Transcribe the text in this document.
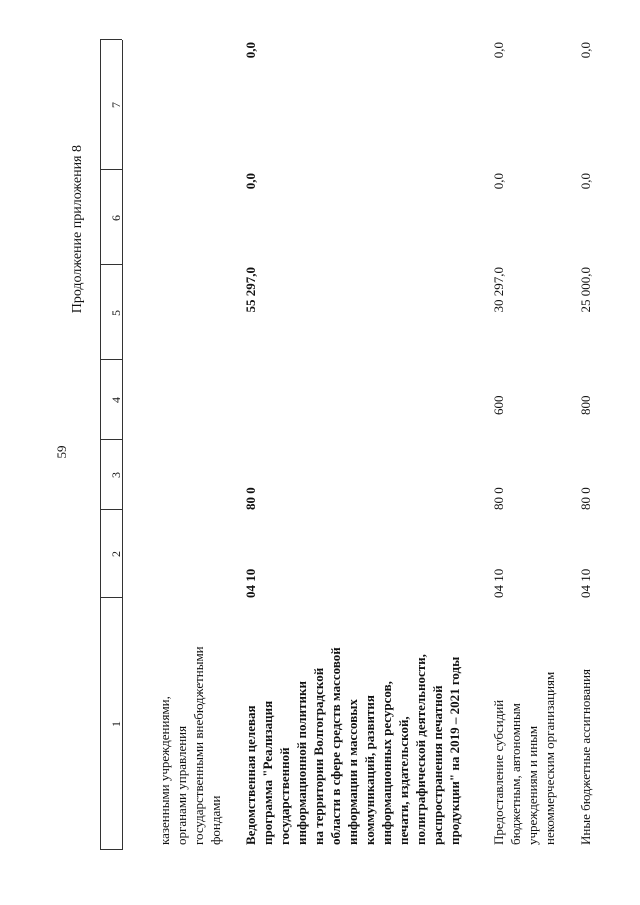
59
Продолжение приложения 8
1
2
3
4
5
6
7
казенными учреждениями, органами управления государственными внебюджетными фондами Ведомственная целевая программа "Реализация государственной информационной политики на территории Волгоградской области в сфере средств массовой информации и массовых коммуникаций, развития информационных ресурсов, печати, издательской, полиграфической деятельности, распространения печатной продукции" на 2019 – 2021 годы
04 10
80 0
55 297,0
0,0
0,0
Предоставление субсидий бюджетным, автономным учреждениям и иным некоммерческим организациям
04 10
80 0
600
30 297,0
0,0
0,0
Иные бюджетные ассигнования
04 10
80 0
800
25 000,0
0,0
0,0
